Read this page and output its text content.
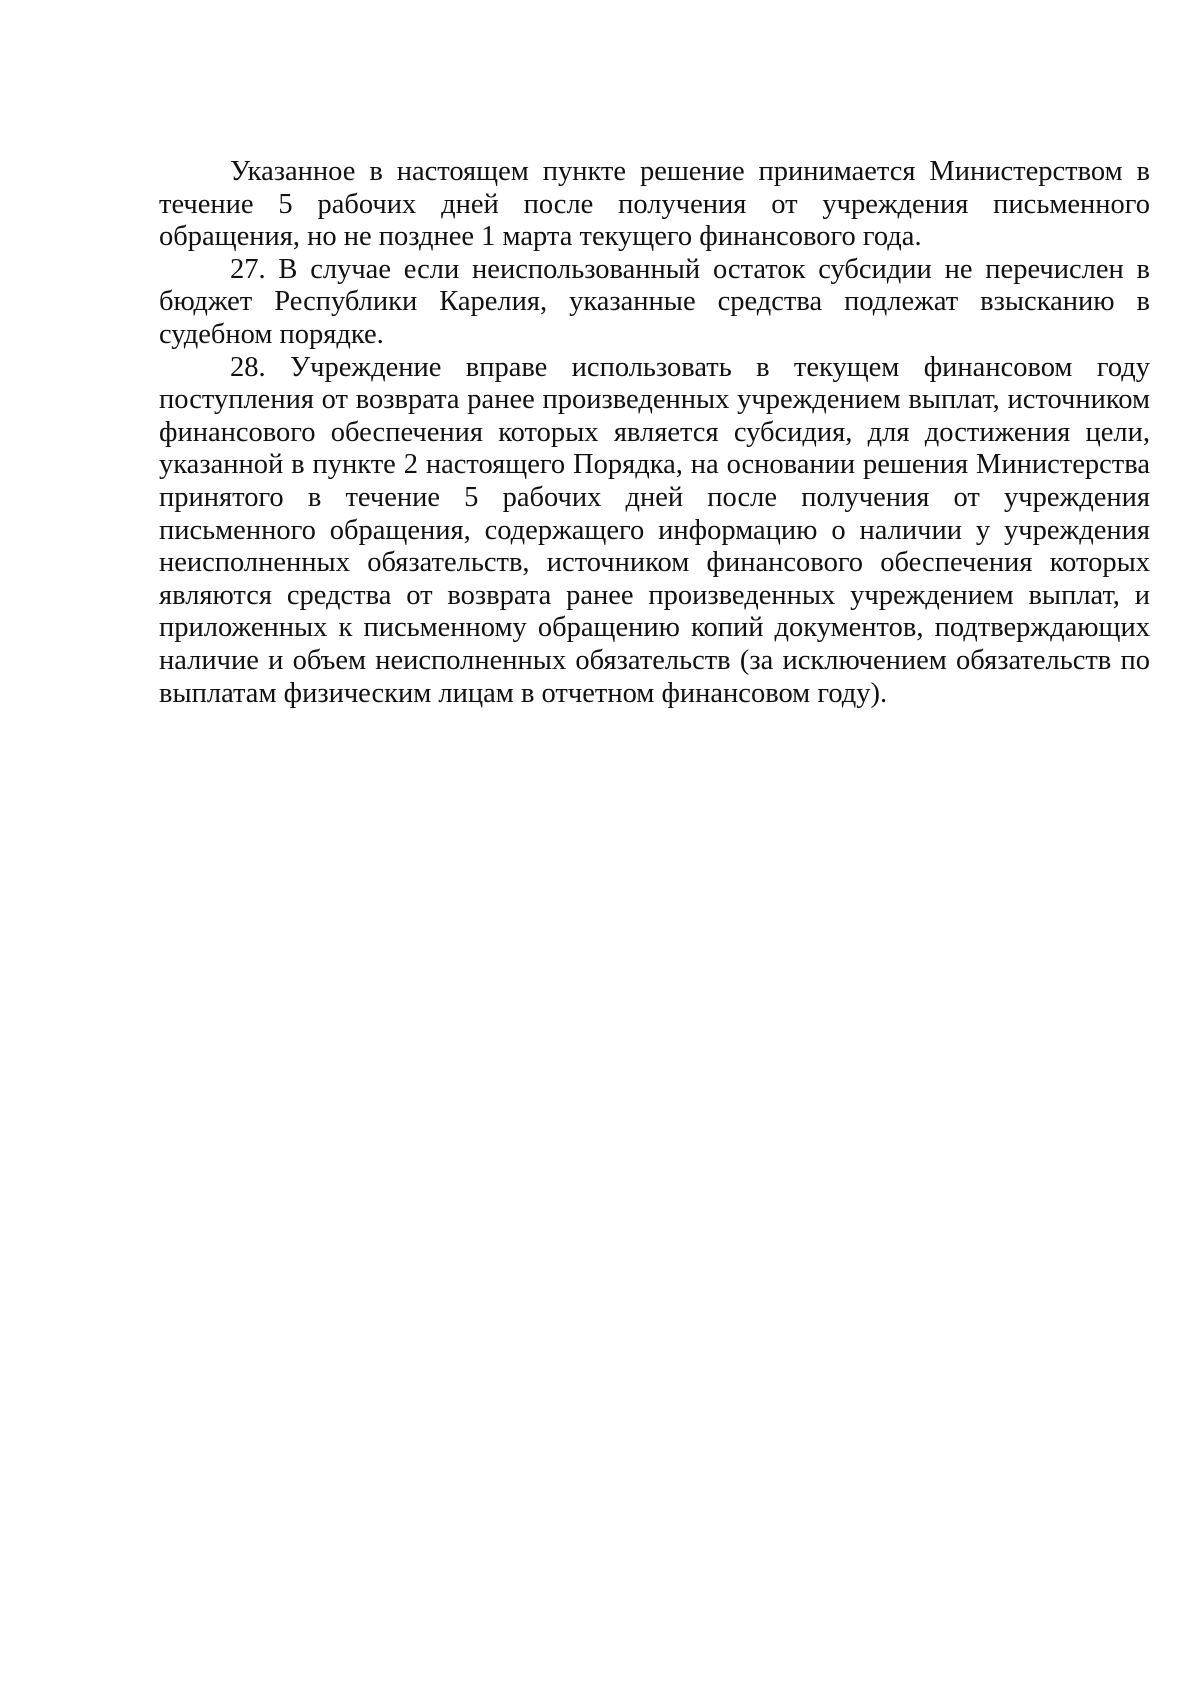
Указанное в настоящем пункте решение принимается Министерством в течение 5 рабочих дней после получения от учреждения письменного обращения, но не позднее 1 марта текущего финансового года.

27. В случае если неиспользованный остаток субсидии не перечислен в бюджет Республики Карелия, указанные средства подлежат взысканию в судебном порядке.

28. Учреждение вправе использовать в текущем финансовом году поступления от возврата ранее произведенных учреждением выплат, источником финансового обеспечения которых является субсидия, для достижения цели, указанной в пункте 2 настоящего Порядка, на основании решения Министерства принятого в течение 5 рабочих дней после получения от учреждения письменного обращения, содержащего информацию о наличии у учреждения неисполненных обязательств, источником финансового обеспечения которых являются средства от возврата ранее произведенных учреждением выплат, и приложенных к письменному обращению копий документов, подтверждающих наличие и объем неисполненных обязательств (за исключением обязательств по выплатам физическим лицам в отчетном финансовом году).
